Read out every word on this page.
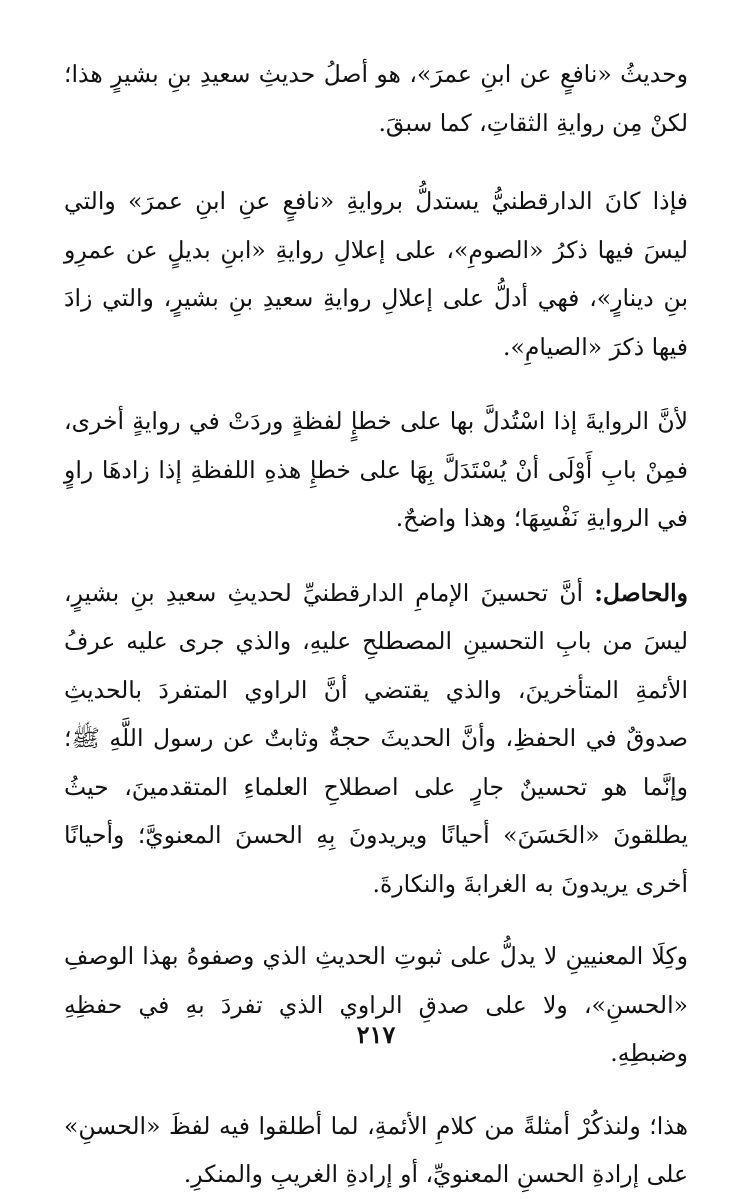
وحديثُ «نافعٍ عن ابنِ عمرَ»، هو أصلُ حديثِ سعيدِ بنِ بشيرٍ هذا؛ لكنْ مِن روايةِ الثقاتِ، كما سبقَ.

فإذا كانَ الدارقطنيُّ يستدلُّ بروايةِ «نافعٍ عنِ ابنِ عمرَ» والتي ليسَ فيها ذكرُ «الصومِ»، على إعلالِ روايةِ «ابنِ بديلٍ عن عمرِو بنِ دينارٍ»، فهي أدلُّ على إعلالِ روايةِ سعيدِ بنِ بشيرٍ، والتي زادَ فيها ذكرَ «الصيامِ».

لأنَّ الروايةَ إذا اسْتُدلَّ بها على خطإٍ لفظةٍ وردَتْ في روايةٍ أخرى، فمِنْ بابِ أَوْلَى أنْ يُسْتَدَلَّ بِهَا على خطإِ هذهِ اللفظةِ إذا زادهَا راوٍ في الروايةِ نَفْسِهَا؛ وهذا واضحٌ.

والحاصل: أنَّ تحسينَ الإمامِ الدارقطنيِّ لحديثِ سعيدِ بنِ بشيرٍ، ليسَ من بابِ التحسينِ المصطلحِ عليهِ، والذي جرى عليه عرفُ الأئمةِ المتأخرينَ، والذي يقتضي أنَّ الراوي المتفردَ بالحديثِ صدوقٌ في الحفظِ، وأنَّ الحديثَ حجةٌ وثابتٌ عن رسول اللَّهِ ﷺ؛ وإنَّما هو تحسينٌ جارٍ على اصطلاحِ العلماءِ المتقدمينَ، حيثُ يطلقونَ «الحَسَنَ» أحيانًا ويريدونَ بِهِ الحسنَ المعنويَّ؛ وأحيانًا أخرى يريدونَ به الغرابةَ والنكارةَ.

وكِلَا المعنيينِ لا يدلُّ على ثبوتِ الحديثِ الذي وصفوهُ بهذا الوصفِ «الحسنِ»، ولا على صدقِ الراوي الذي تفردَ بهِ في حفظِهِ وضبطِهِ.

هذا؛ ولنذكُرْ أمثلةً من كلامِ الأئمةِ، لما أطلقوا فيه لفظَ «الحسنِ» على إرادةِ الحسنِ المعنويِّ، أو إرادةِ الغريبِ والمنكرِ.

٢١٧
